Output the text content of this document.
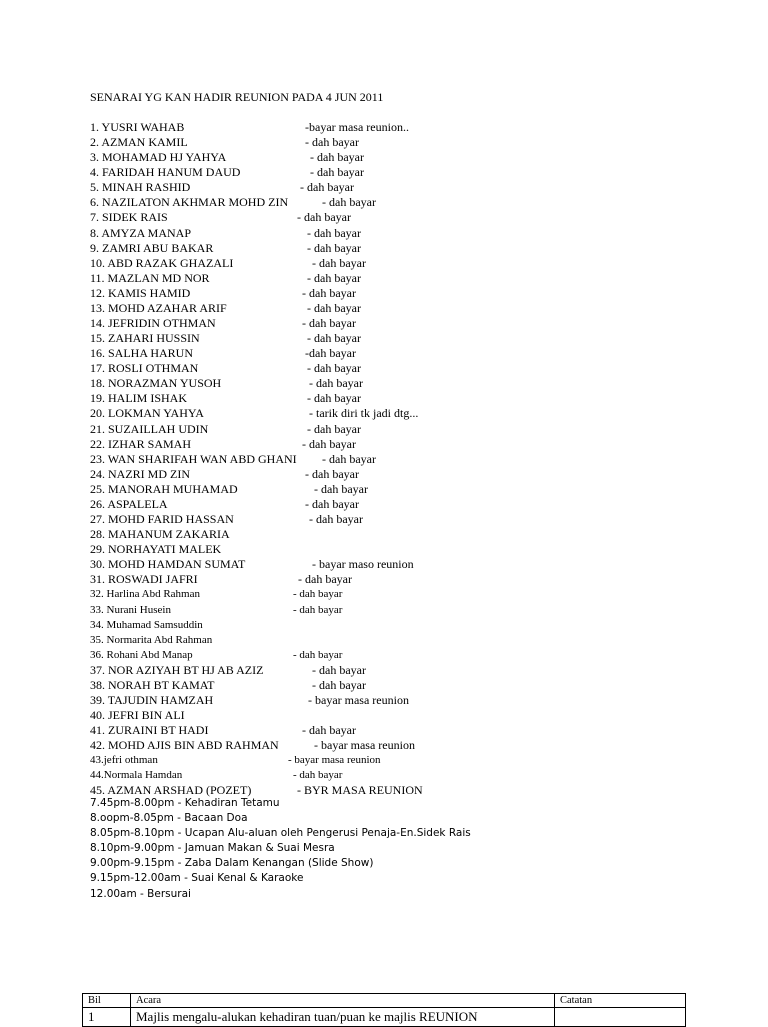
SENARAI YG KAN HADIR REUNION PADA 4 JUN 2011
1. YUSRI WAHAB	-bayar masa reunion..
2. AZMAN KAMIL	- dah bayar
3. MOHAMAD HJ YAHYA	- dah bayar
4. FARIDAH HANUM DAUD	- dah bayar
5. MINAH RASHID	- dah bayar
6. NAZILATON AKHMAR MOHD ZIN	- dah bayar
7. SIDEK RAIS	- dah bayar
8. AMYZA MANAP	- dah bayar
9. ZAMRI ABU BAKAR	- dah bayar
10. ABD RAZAK GHAZALI	- dah bayar
11. MAZLAN MD NOR	- dah bayar
12. KAMIS HAMID	- dah bayar
13. MOHD AZAHAR ARIF	- dah bayar
14. JEFRIDIN OTHMAN	- dah bayar
15. ZAHARI HUSSIN	- dah bayar
16. SALHA HARUN	-dah bayar
17. ROSLI OTHMAN	- dah bayar
18. NORAZMAN YUSOH	- dah bayar
19. HALIM ISHAK	- dah bayar
20. LOKMAN YAHYA	- tarik diri tk jadi dtg...
21. SUZAILLAH UDIN	- dah bayar
22. IZHAR SAMAH	- dah bayar
23. WAN SHARIFAH WAN ABD GHANI - dah bayar
24. NAZRI MD ZIN	- dah bayar
25. MANORAH MUHAMAD	- dah bayar
26. ASPALELA	- dah bayar
27. MOHD FARID HASSAN	- dah bayar
28. MAHANUM ZAKARIA
29. NORHAYATI MALEK
30. MOHD HAMDAN SUMAT	- bayar maso reunion
31. ROSWADI JAFRI	- dah bayar
32. Harlina Abd Rahman	- dah bayar
33. Nurani Husein	- dah bayar
34. Muhamad Samsuddin
35. Normarita Abd Rahman
36. Rohani Abd Manap	- dah bayar
37. NOR AZIYAH BT HJ AB AZIZ	- dah bayar
38. NORAH BT KAMAT	- dah bayar
39. TAJUDIN HAMZAH	- bayar masa reunion
40. JEFRI BIN ALI
41. ZURAINI BT HADI	- dah bayar
42. MOHD AJIS BIN ABD RAHMAN	- bayar masa reunion
43.jefri othman	- bayar masa reunion
44.Normala Hamdan	- dah bayar
45. AZMAN ARSHAD (POZET)	- BYR MASA REUNION
7.45pm-8.00pm - Kehadiran Tetamu
8.oopm-8.05pm - Bacaan Doa
8.05pm-8.10pm - Ucapan Alu-aluan oleh Pengerusi Penaja-En.Sidek Rais
8.10pm-9.00pm - Jamuan Makan & Suai Mesra
9.00pm-9.15pm - Zaba Dalam Kenangan (Slide Show)
9.15pm-12.00am - Suai Kenal & Karaoke
12.00am - Bersurai
Bil	Acara	Catatan
1	Majlis mengalu-alukan kehadiran tuan/puan ke majlis REUNION	
